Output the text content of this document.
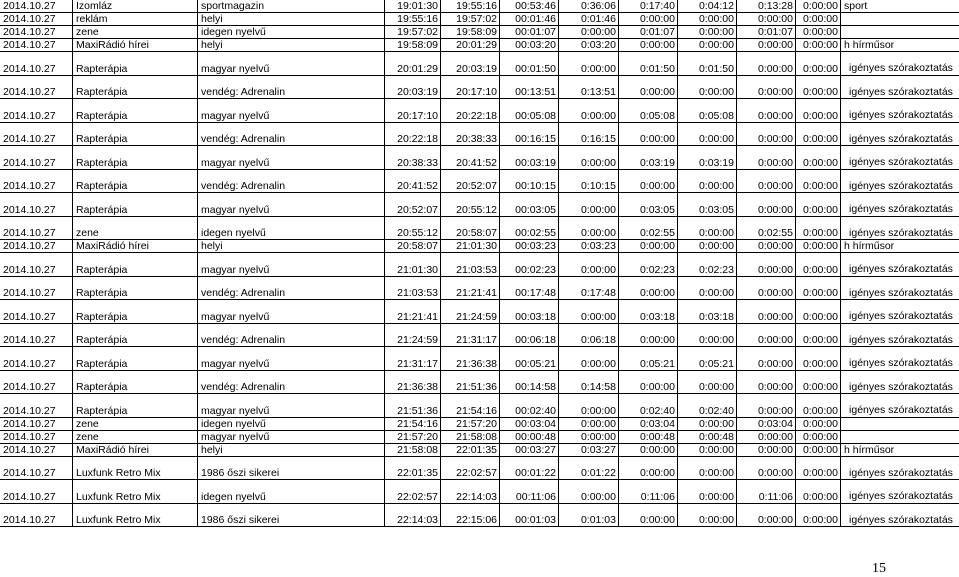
2014.10.27	Izomláz	sportmagazin	19:01:30	19:55:16	00:53:46	0:36:06	0:17:40	0:04:12	0:13:28 0:00:00 sport
2014.10.27	reklám	helyi	19:55:16	19:57:02	00:01:46	0:01:46	0:00:00	0:00:00	0:00:00 0:00:00
2014.10.27	zene	idegen nyelvű	19:57:02	19:58:09	00:01:07	0:00:00	0:01:07	0:00:00	0:01:07 0:00:00
2014.10.27	MaxiRádió hírei	helyi	19:58:09	20:01:29	00:03:20	0:03:20	0:00:00	0:00:00	0:00:00 0:00:00 h hírműsor
2014.10.27	Rapterápia	magyar nyelvű	20:01:29	20:03:19	00:01:50	0:00:00	0:01:50	0:01:50	0:00:00 0:00:00	igényes szórakoztatás
2014.10.27	Rapterápia	vendég: Adrenalin	20:03:19	20:17:10	00:13:51	0:13:51	0:00:00	0:00:00	0:00:00 0:00:00	igényes szórakoztatás
2014.10.27	Rapterápia	magyar nyelvű	20:17:10	20:22:18	00:05:08	0:00:00	0:05:08	0:05:08	0:00:00 0:00:00	igényes szórakoztatás
2014.10.27	Rapterápia	vendég: Adrenalin	20:22:18	20:38:33	00:16:15	0:16:15	0:00:00	0:00:00	0:00:00 0:00:00	igényes szórakoztatás
2014.10.27	Rapterápia	magyar nyelvű	20:38:33	20:41:52	00:03:19	0:00:00	0:03:19	0:03:19	0:00:00 0:00:00	igényes szórakoztatás
2014.10.27	Rapterápia	vendég: Adrenalin	20:41:52	20:52:07	00:10:15	0:10:15	0:00:00	0:00:00	0:00:00 0:00:00	igényes szórakoztatás
2014.10.27	Rapterápia	magyar nyelvű	20:52:07	20:55:12	00:03:05	0:00:00	0:03:05	0:03:05	0:00:00 0:00:00	igényes szórakoztatás
2014.10.27	zene	idegen nyelvű	20:55:12	20:58:07	00:02:55	0:00:00	0:02:55	0:00:00	0:02:55 0:00:00	igényes szórakoztatás
2014.10.27	MaxiRádió hírei	helyi	20:58:07	21:01:30	00:03:23	0:03:23	0:00:00	0:00:00	0:00:00 0:00:00 h hírműsor
2014.10.27	Rapterápia	magyar nyelvű	21:01:30	21:03:53	00:02:23	0:00:00	0:02:23	0:02:23	0:00:00 0:00:00	igényes szórakoztatás
2014.10.27	Rapterápia	vendég: Adrenalin	21:03:53	21:21:41	00:17:48	0:17:48	0:00:00	0:00:00	0:00:00 0:00:00	igényes szórakoztatás
2014.10.27	Rapterápia	magyar nyelvű	21:21:41	21:24:59	00:03:18	0:00:00	0:03:18	0:03:18	0:00:00 0:00:00	igényes szórakoztatás
2014.10.27	Rapterápia	vendég: Adrenalin	21:24:59	21:31:17	00:06:18	0:06:18	0:00:00	0:00:00	0:00:00 0:00:00	igényes szórakoztatás
2014.10.27	Rapterápia	magyar nyelvű	21:31:17	21:36:38	00:05:21	0:00:00	0:05:21	0:05:21	0:00:00 0:00:00	igényes szórakoztatás
2014.10.27	Rapterápia	vendég: Adrenalin	21:36:38	21:51:36	00:14:58	0:14:58	0:00:00	0:00:00	0:00:00 0:00:00	igényes szórakoztatás
2014.10.27	Rapterápia	magyar nyelvű	21:51:36	21:54:16	00:02:40	0:00:00	0:02:40	0:02:40	0:00:00 0:00:00	igényes szórakoztatás
2014.10.27	zene	idegen nyelvű	21:54:16	21:57:20	00:03:04	0:00:00	0:03:04	0:00:00	0:03:04 0:00:00
2014.10.27	zene	magyar nyelvű	21:57:20	21:58:08	00:00:48	0:00:00	0:00:48	0:00:48	0:00:00 0:00:00
2014.10.27	MaxiRádió hírei	helyi	21:58:08	22:01:35	00:03:27	0:03:27	0:00:00	0:00:00	0:00:00 0:00:00 h hírműsor
2014.10.27	Luxfunk Retro Mix	1986 őszi sikerei	22:01:35	22:02:57	00:01:22	0:01:22	0:00:00	0:00:00	0:00:00 0:00:00	igényes szórakoztatás
2014.10.27	Luxfunk Retro Mix	idegen nyelvű	22:02:57	22:14:03	00:11:06	0:00:00	0:11:06	0:00:00	0:11:06 0:00:00	igényes szórakoztatás
2014.10.27	Luxfunk Retro Mix	1986 őszi sikerei	22:14:03	22:15:06	00:01:03	0:01:03	0:00:00	0:00:00	0:00:00 0:00:00	igényes szórakoztatás
15
